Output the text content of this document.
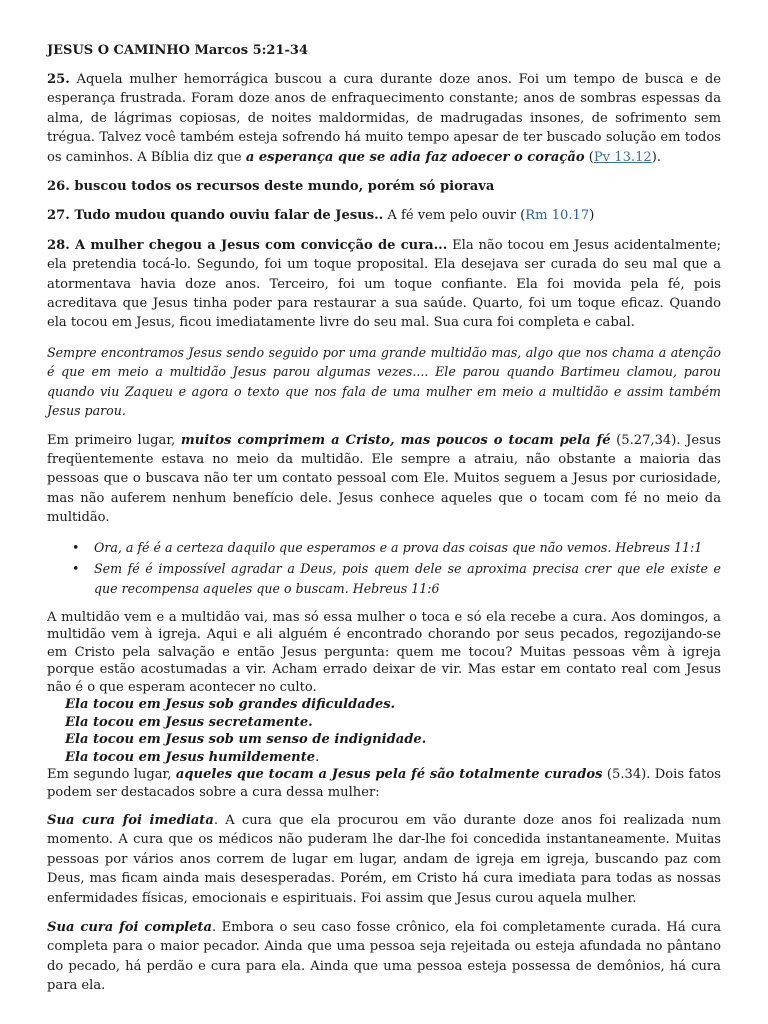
JESUS O CAMINHO Marcos 5:21-34

25. Aquela mulher hemorrágica buscou a cura durante doze anos. Foi um tempo de busca e de esperança frustrada. Foram doze anos de enfraquecimento constante; anos de sombras espessas da alma, de lágrimas copiosas, de noites maldormidas, de madrugadas insones, de sofrimento sem trégua. Talvez você também esteja sofrendo há muito tempo apesar de ter buscado solução em todos os caminhos. A Bíblia diz que a esperança que se adia faz adoecer o coração (Pv 13.12).

26. buscou todos os recursos deste mundo, porém só piorava

27. Tudo mudou quando ouviu falar de Jesus.. A fé vem pelo ouvir (Rm 10.17)

28. A mulher chegou a Jesus com convicção de cura... Ela não tocou em Jesus acidentalmente; ela pretendia tocá-lo. Segundo, foi um toque proposital. Ela desejava ser curada do seu mal que a atormentava havia doze anos. Terceiro, foi um toque confiante. Ela foi movida pela fé, pois acreditava que Jesus tinha poder para restaurar a sua saúde. Quarto, foi um toque eficaz. Quando ela tocou em Jesus, ficou imediatamente livre do seu mal. Sua cura foi completa e cabal.

Sempre encontramos Jesus sendo seguido por uma grande multidão mas, algo que nos chama a atenção é que em meio a multidão Jesus parou algumas vezes.... Ele parou quando Bartimeu clamou, parou quando viu Zaqueu e agora o texto que nos fala de uma mulher em meio a multidão e assim também Jesus parou.

Em primeiro lugar, muitos comprimem a Cristo, mas poucos o tocam pela fé (5.27,34). Jesus freqüentemente estava no meio da multidão. Ele sempre a atraiu, não obstante a maioria das pessoas que o buscava não ter um contato pessoal com Ele. Muitos seguem a Jesus por curiosidade, mas não auferem nenhum benefício dele. Jesus conhece aqueles que o tocam com fé no meio da multidão.

• Ora, a fé é a certeza daquilo que esperamos e a prova das coisas que não vemos. Hebreus 11:1
• Sem fé é impossível agradar a Deus, pois quem dele se aproxima precisa crer que ele existe e que recompensa aqueles que o buscam. Hebreus 11:6
A multidão vem e a multidão vai, mas só essa mulher o toca e só ela recebe a cura. Aos domingos, a multidão vem à igreja. Aqui e ali alguém é encontrado chorando por seus pecados, regozijando-se em Cristo pela salvação e então Jesus pergunta: quem me tocou? Muitas pessoas vêm à igreja porque estão acostumadas a vir. Acham errado deixar de vir. Mas estar em contato real com Jesus não é o que esperam acontecer no culto.
Ela tocou em Jesus sob grandes dificuldades.
Ela tocou em Jesus secretamente.
Ela tocou em Jesus sob um senso de indignidade.
Ela tocou em Jesus humildemente.
Em segundo lugar, aqueles que tocam a Jesus pela fé são totalmente curados (5.34). Dois fatos podem ser destacados sobre a cura dessa mulher:

Sua cura foi imediata. A cura que ela procurou em vão durante doze anos foi realizada num momento. A cura que os médicos não puderam lhe dar-lhe foi concedida instantaneamente. Muitas pessoas por vários anos correm de lugar em lugar, andam de igreja em igreja, buscando paz com Deus, mas ficam ainda mais desesperadas. Porém, em Cristo há cura imediata para todas as nossas enfermidades físicas, emocionais e espirituais. Foi assim que Jesus curou aquela mulher.

Sua cura foi completa. Embora o seu caso fosse crônico, ela foi completamente curada. Há cura completa para o maior pecador. Ainda que uma pessoa seja rejeitada ou esteja afundada no pântano do pecado, há perdão e cura para ela. Ainda que uma pessoa esteja possessa de demônios, há cura para ela.
